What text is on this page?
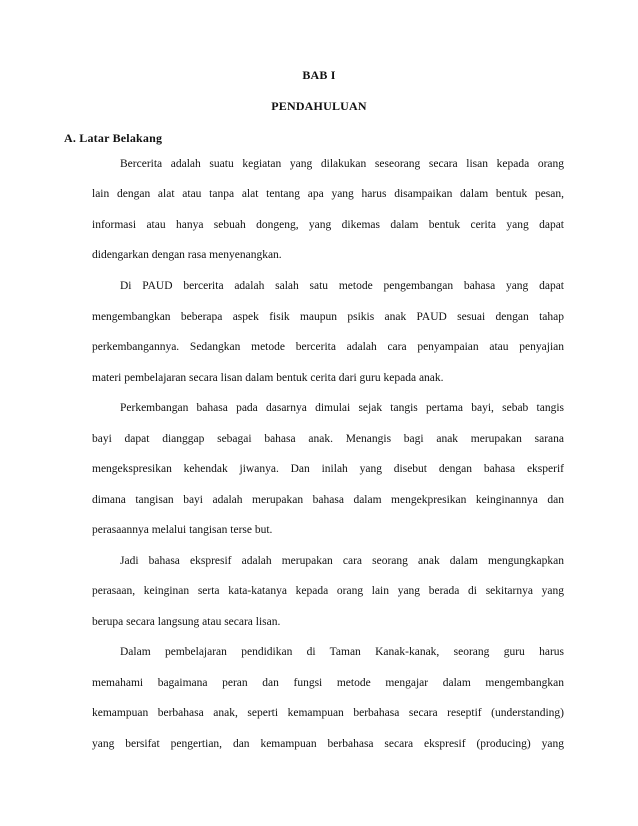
BAB I
PENDAHULUAN
A. Latar Belakang
Bercerita adalah suatu kegiatan yang dilakukan seseorang secara lisan kepada orang
lain dengan alat atau tanpa alat tentang apa yang harus disampaikan dalam bentuk pesan,
informasi atau hanya sebuah dongeng, yang dikemas dalam bentuk cerita yang dapat
didengarkan dengan rasa menyenangkan.
Di PAUD bercerita adalah salah satu metode pengembangan bahasa yang dapat
mengembangkan beberapa aspek fisik maupun psikis anak PAUD sesuai dengan tahap
perkembangannya. Sedangkan metode bercerita adalah cara penyampaian atau penyajian
materi pembelajaran secara lisan dalam bentuk cerita dari guru kepada anak.
Perkembangan bahasa pada dasarnya dimulai sejak tangis pertama bayi, sebab tangis
bayi dapat dianggap sebagai bahasa anak. Menangis bagi anak merupakan sarana
mengekspresikan kehendak jiwanya. Dan inilah yang disebut dengan bahasa eksperif
dimana tangisan bayi adalah merupakan bahasa dalam mengekpresikan keinginannya dan
perasaannya melalui tangisan terse but.
Jadi bahasa ekspresif adalah merupakan cara seorang anak dalam mengungkapkan
perasaan, keinginan serta kata-katanya kepada orang lain yang berada di sekitarnya yang
berupa secara langsung atau secara lisan.
Dalam pembelajaran pendidikan di Taman Kanak-kanak, seorang guru harus
memahami bagaimana peran dan fungsi metode mengajar dalam mengembangkan
kemampuan berbahasa anak, seperti kemampuan berbahasa secara reseptif (understanding)
yang bersifat pengertian, dan kemampuan berbahasa secara ekspresif (producing) yang
